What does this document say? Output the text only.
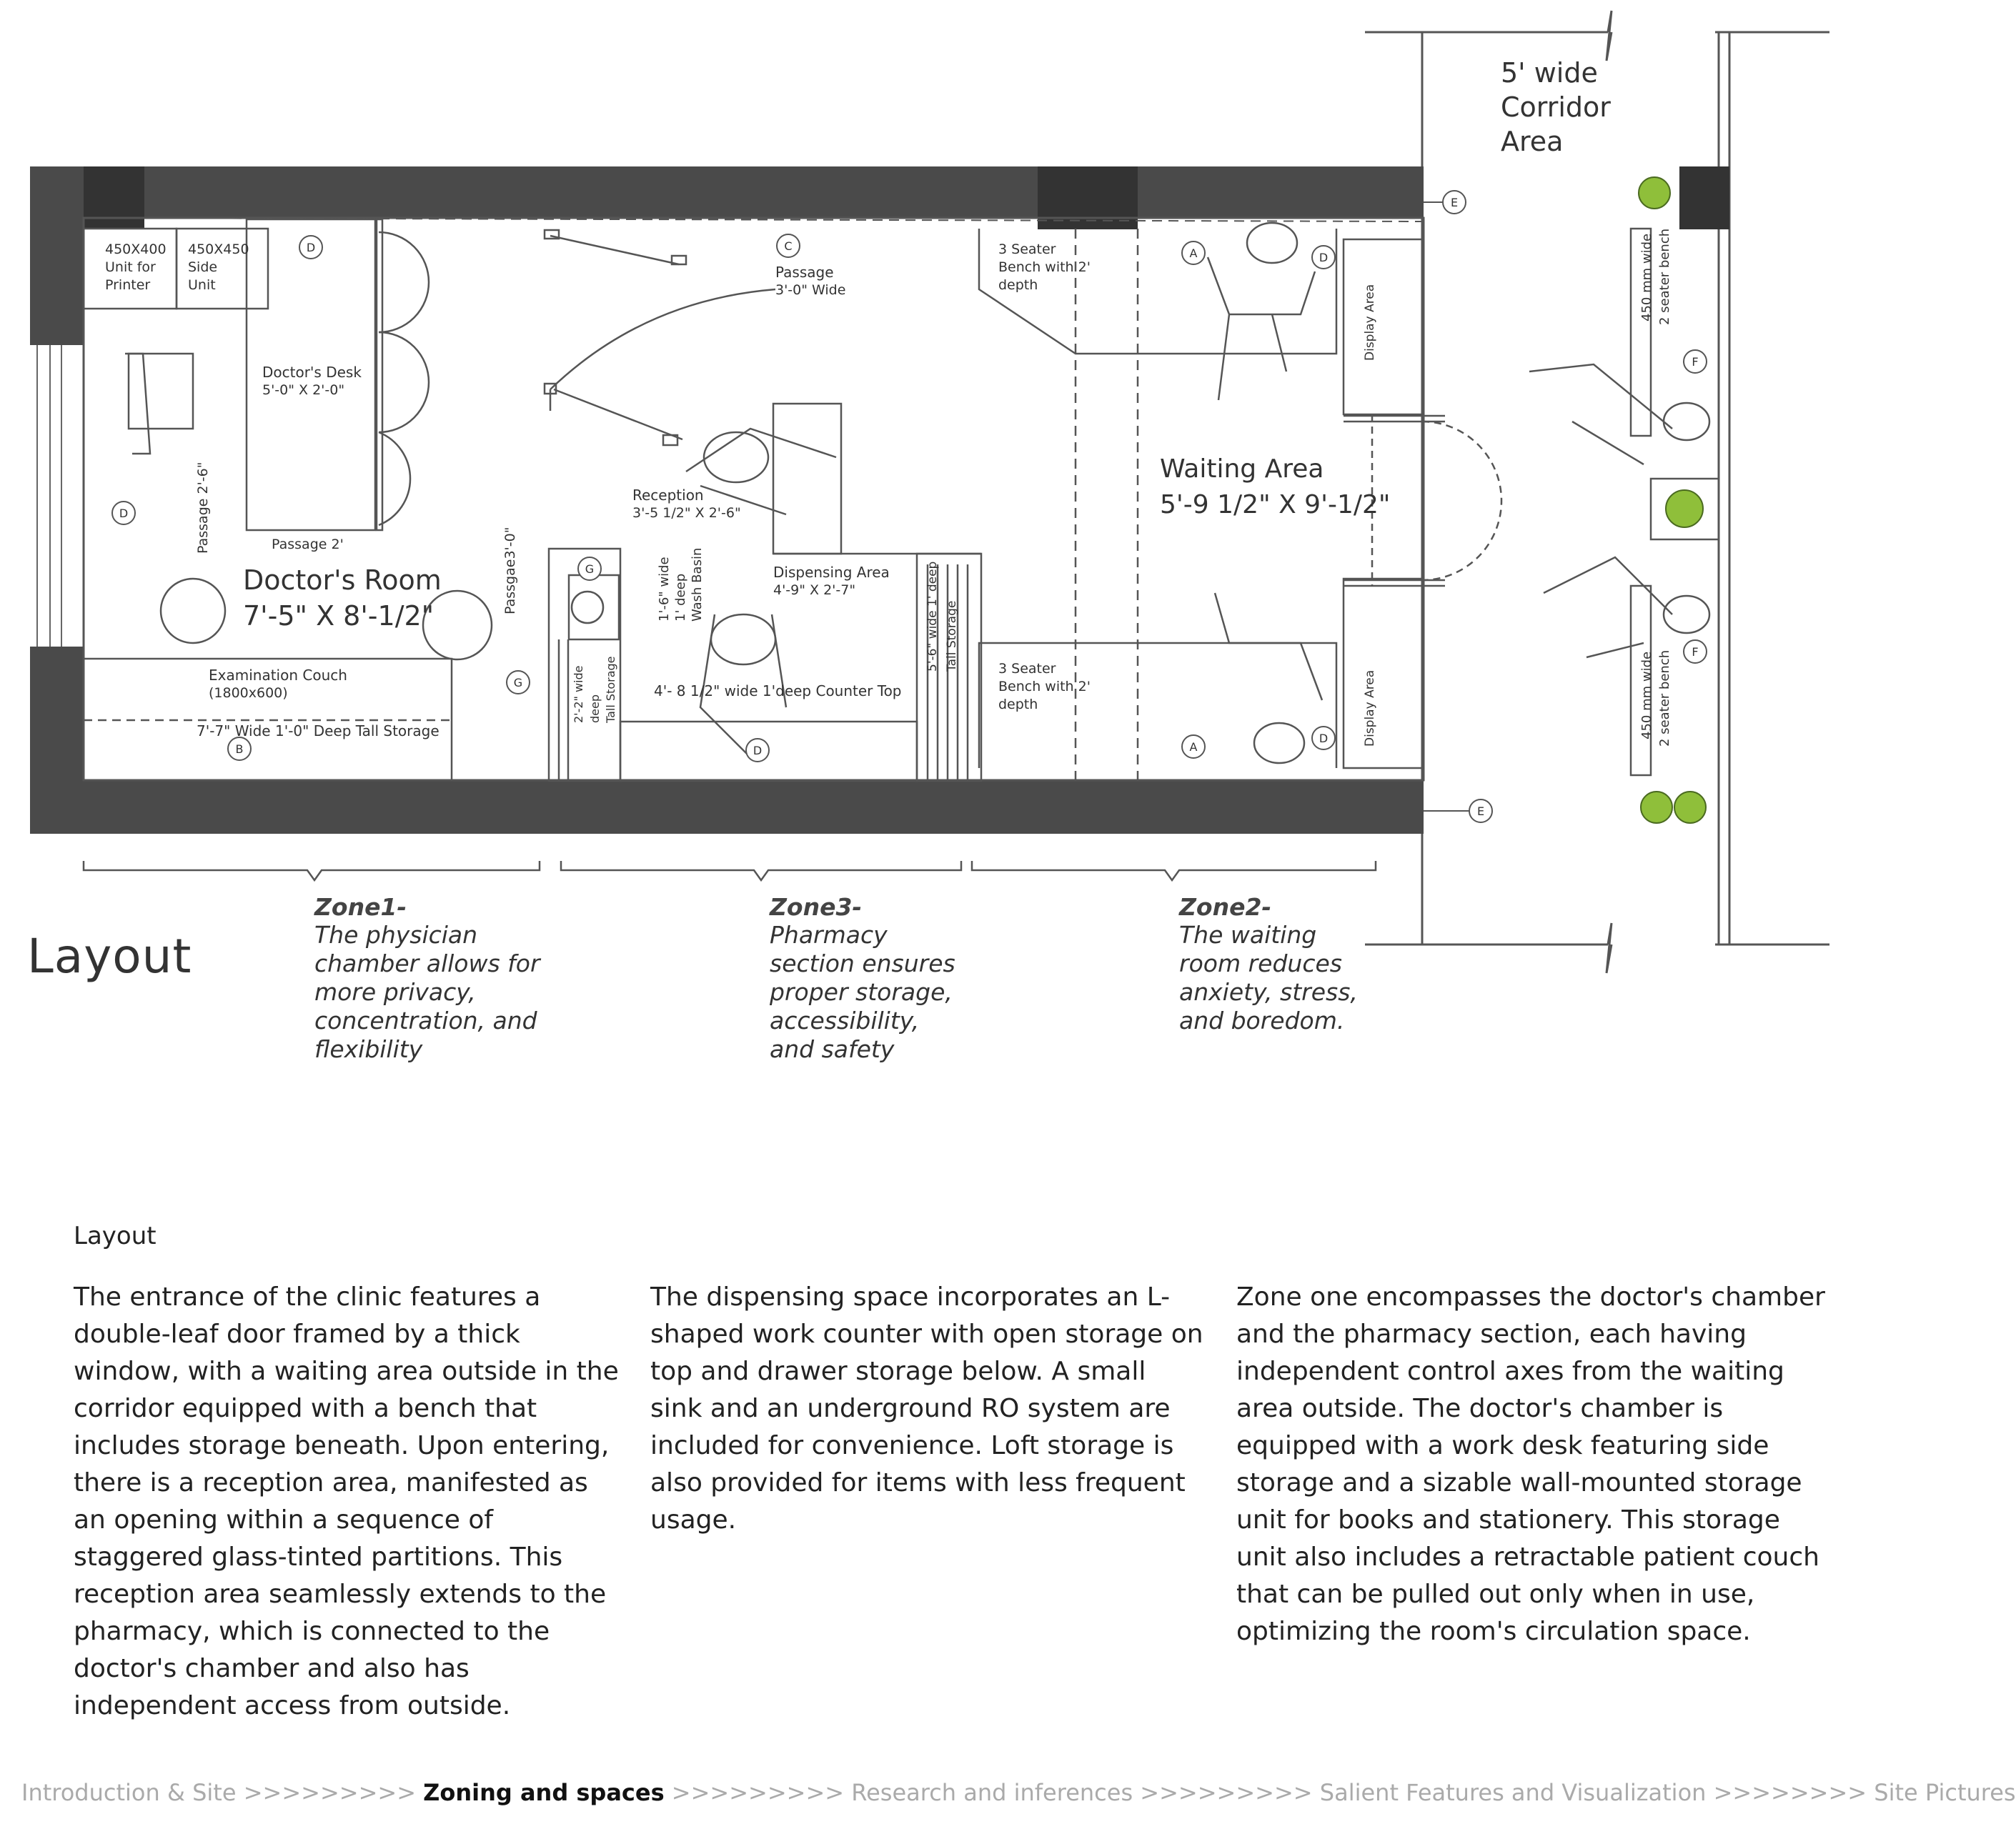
D	C
D
G
G
B	D
A
A
D
D
E
E
F
F
5' wide
Corridor
Area
450X400
Unit for
Printer
450X450
Side
Unit
Doctor's Desk
5'-0" X 2'-0"
Passage 2'-6"	Passage 2'	Passgae3'-0"
Doctor's Room
7'-5" X 8'-1/2"
Examination Couch
(1800x600)
7'-7" Wide 1'-0" Deep Tall Storage
Passage
3'-0" Wide
Reception
3'-5 1/2" X 2'-6"
1'-6" wide 1' deep Wash Basin
2'-2" wide deep Tall Storage
Dispensing Area
4'-9" X 2'-7"
4'- 8 1/2" wide 1'deep Counter Top
5'-6" wide 1' deep Tall Storage
3 Seater
Bench with 2'
depth
3 Seater
Bench with 2'
depth
Display Area
Display Area
Waiting Area
5'-9 1/2" X 9'-1/2"
450 mm wide 2 seater bench
450 mm wide 2 seater bench
Layout
Zone1-
The physician chamber allows for more privacy, concentration, and flexibility
Zone3-
Pharmacy section ensures proper storage, accessibility, and safety
Zone2-
The waiting room reduces anxiety, stress, and boredom.
Layout
The entrance of the clinic features a double-leaf door framed by a thick window, with a waiting area outside in the corridor equipped with a bench that includes storage beneath. Upon entering, there is a reception area, manifested as an opening within a sequence of staggered glass-tinted partitions. This reception area seamlessly extends to the pharmacy, which is connected to the doctor's chamber and also has independent access from outside.
The dispensing space incorporates an L-shaped work counter with open storage on top and drawer storage below. A small sink and an underground RO system are included for convenience. Loft storage is also provided for items with less frequent usage.
Zone one encompasses the doctor's chamber and the pharmacy section, each having independent control axes from the waiting area outside. The doctor's chamber is equipped with a work desk featuring side storage and a sizable wall-mounted storage unit for books and stationery. This storage unit also includes a retractable patient couch that can be pulled out only when in use, optimizing the room's circulation space.
Introduction & Site >>>>>>>>> Zoning and spaces >>>>>>>>> Research and inferences >>>>>>>>> Salient Features and Visualization >>>>>>>> Site Pictures
